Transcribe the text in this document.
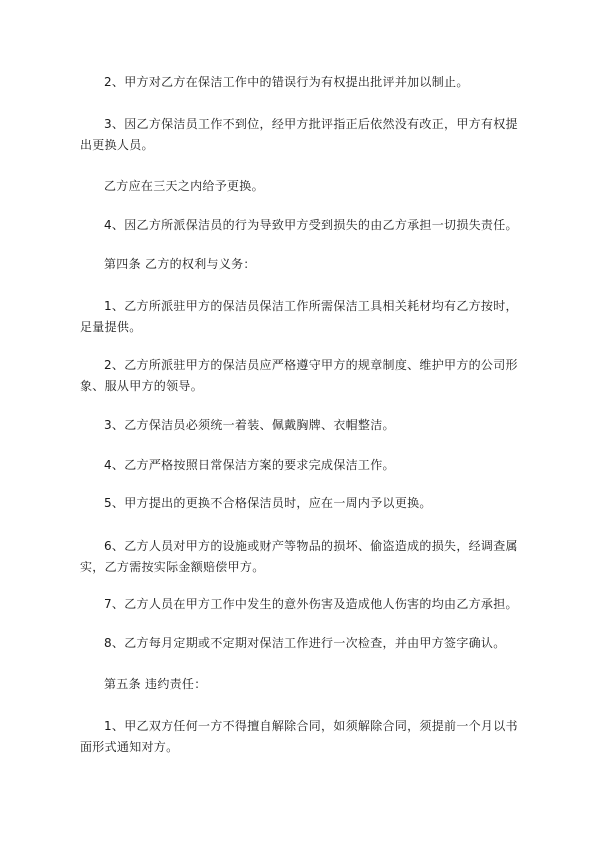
2、甲方对乙方在保洁工作中的错误行为有权提出批评并加以制止。

3、因乙方保洁员工作不到位，经甲方批评指正后依然没有改正，甲方有权提出更换人员。

乙方应在三天之内给予更换。

4、因乙方所派保洁员的行为导致甲方受到损失的由乙方承担一切损失责任。

第四条 乙方的权利与义务：

1、乙方所派驻甲方的保洁员保洁工作所需保洁工具相关耗材均有乙方按时，足量提供。

2、乙方所派驻甲方的保洁员应严格遵守甲方的规章制度、维护甲方的公司形象、服从甲方的领导。

3、乙方保洁员必须统一着装、佩戴胸牌、衣帽整洁。

4、乙方严格按照日常保洁方案的要求完成保洁工作。

5、甲方提出的更换不合格保洁员时，应在一周内予以更换。

6、乙方人员对甲方的设施或财产等物品的损坏、偷盗造成的损失，经调查属实，乙方需按实际金额赔偿甲方。

7、乙方人员在甲方工作中发生的意外伤害及造成他人伤害的均由乙方承担。

8、乙方每月定期或不定期对保洁工作进行一次检查，并由甲方签字确认。

第五条 违约责任：

1、甲乙双方任何一方不得擅自解除合同，如须解除合同，须提前一个月以书面形式通知对方。
